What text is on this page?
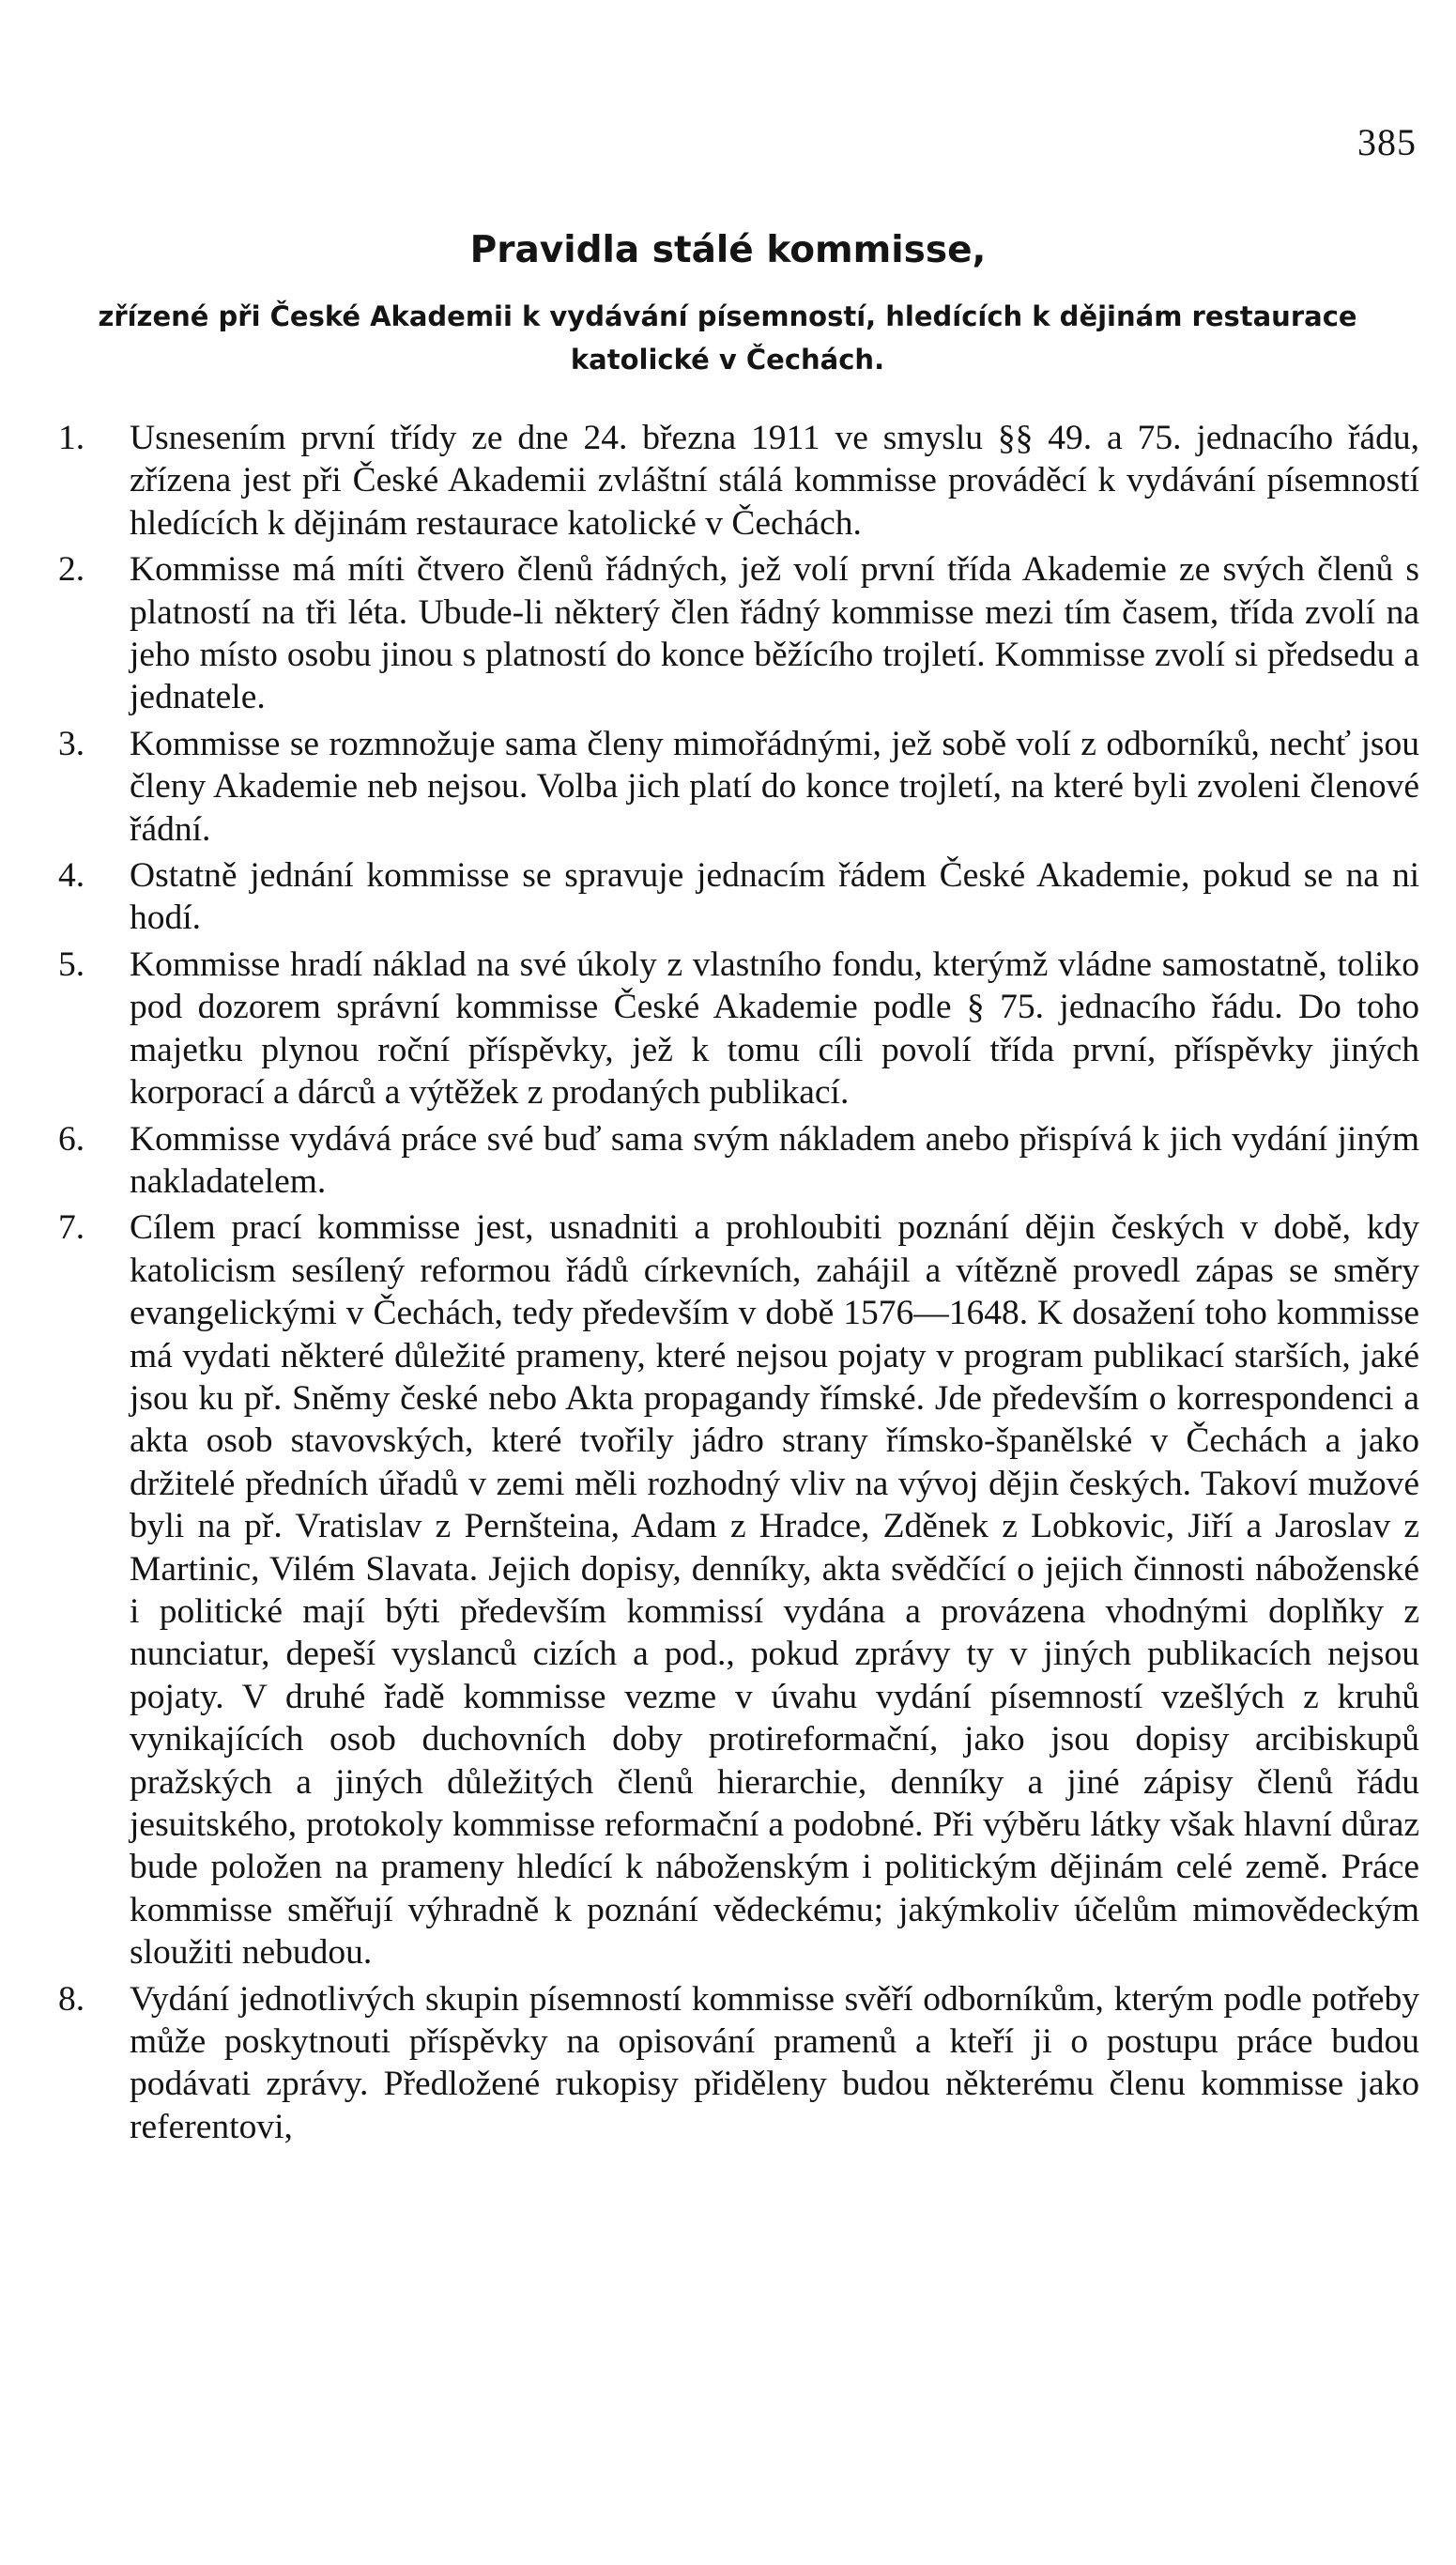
385
Pravidla stálé kommisse,
zřízené při České Akademii k vydávání písemností, hledících k dějinám restaurace katolické v Čechách.
1. Usnesením první třídy ze dne 24. března 1911 ve smyslu §§ 49. a 75. jednacího řádu, zřízena jest při České Akademii zvláštní stálá kommisse prováděcí k vydávání písemností hledících k dějinám restaurace katolické v Čechách.
2. Kommisse má míti čtvero členů řádných, jež volí první třída Akademie ze svých členů s platností na tři léta. Ubude-li některý člen řádný kommisse mezi tím časem, třída zvolí na jeho místo osobu jinou s platností do konce běžícího trojletí. Kommisse zvolí si předsedu a jednatele.
3. Kommisse se rozmnožuje sama členy mimořádnými, jež sobě volí z odborníků, nechť jsou členy Akademie neb nejsou. Volba jich platí do konce trojletí, na které byli zvoleni členové řádní.
4. Ostatně jednání kommisse se spravuje jednacím řádem České Akademie, pokud se na ni hodí.
5. Kommisse hradí náklad na své úkoly z vlastního fondu, kterýmž vládne samostatně, toliko pod dozorem správní kommisse České Akademie podle § 75. jednacího řádu. Do toho majetku plynou roční příspěvky, jež k tomu cíli povolí třída první, příspěvky jiných korporací a dárců a výtěžek z prodaných publikací.
6. Kommisse vydává práce své buď sama svým nákladem anebo přispívá k jich vydání jiným nakladatelem.
7. Cílem prací kommisse jest, usnadniti a prohloubiti poznání dějin českých v době, kdy katolicism sesílený reformou řádů církevních, zahájil a vítězně provedl zápas se směry evangelickými v Čechách, tedy především v době 1576—1648. K dosažení toho kommisse má vydati některé důležité prameny, které nejsou pojaty v program publikací starších, jaké jsou ku př. Sněmy české nebo Akta propagandy římské. Jde především o korrespondenci a akta osob stavovských, které tvořily jádro strany římsko-španělské v Čechách a jako držitelé předních úřadů v zemi měli rozhodný vliv na vývoj dějin českých. Takoví mužové byli na př. Vratislav z Pernšteina, Adam z Hradce, Zděnek z Lobkovic, Jiří a Jaroslav z Martinic, Vilém Slavata. Jejich dopisy, denníky, akta svědčící o jejich činnosti náboženské i politické mají býti především kommissí vydána a provázena vhodnými doplňky z nunciatur, depeší vyslanců cizích a pod., pokud zprávy ty v jiných publikacích nejsou pojaty. V druhé řadě kommisse vezme v úvahu vydání písemností vzešlých z kruhů vynikajících osob duchovních doby protireformační, jako jsou dopisy arcibiskupů pražských a jiných důležitých členů hierarchie, denníky a jiné zápisy členů řádu jesuitského, protokoly kommisse reformační a podobné. Při výběru látky však hlavní důraz bude položen na prameny hledící k náboženským i politickým dějinám celé země. Práce kommisse směřují výhradně k poznání vědeckému; jakýmkoliv účelům mimovědeckým sloužiti nebudou.
8. Vydání jednotlivých skupin písemností kommisse svěří odborníkům, kterým podle potřeby může poskytnouti příspěvky na opisování pramenů a kteří ji o postupu práce budou podávati zprávy. Předložené rukopisy přiděleny budou některému členu kommisse jako referentovi,
